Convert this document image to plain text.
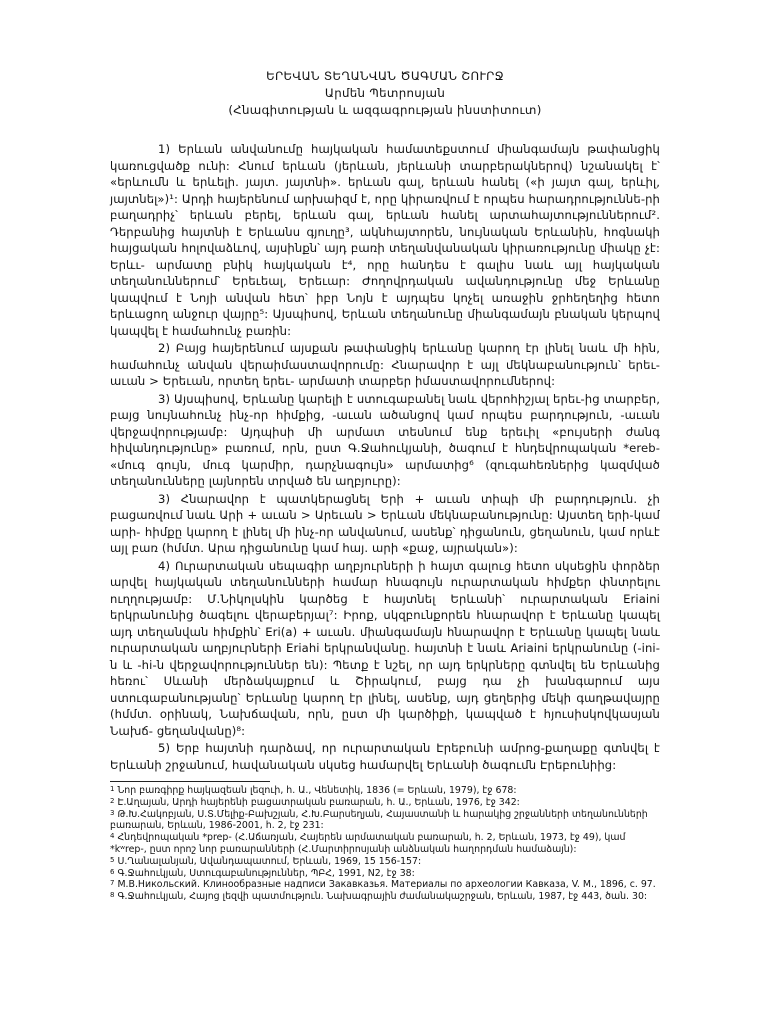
ԵՐԵՎԱՆ ՏԵՂԱՆՎԱՆ ԾԱԳՄԱՆ ՇՈՒՐՋ
Արմեն Պետրոսյան
(Հնագիտության և ազգագրության ինստիտուտ)

1) Երևան անվանումը հայկական համատեքստում միանգամայն թափանցիկ կառուցվածք ունի: Հնում երևան (յերևան, յերևանի տարբերակներով) նշանակել է՝ «երևումն և երևելի. յայտ. յայտնի». երևան գալ, երևան հանել («ի յայտ գալ, երևիլ, յայտնել»)¹: Արդի հայերենում արխաիզմ է, որը կիրառվում է որպես հարադրություննե-րի բաղադրիչ՝ երևան բերել, երևան գալ, երևան հանել արտահայտություններում². Դերբանից հայտնի է Երևանս գյուղը³, ակնհայտորեն, նույնական Երևանին, հոգնակի հայցական հոլովաձևով, այսինքն՝ այդ բառի տեղանվանական կիրառությունը միակը չէ: Երևւ- արմատը բնիկ հայկական է⁴, որը հանդես է գալիս նաև այլ հայկական տեղանուններում՝ Երեւեալ, Երեւար: Ժողովրդական ավանդությունը մեջ Երևանը կապվում է Նոյի անվան հետ՝ իբր Նոյն է այդպես կոչել առաջին ջրհեղեղից հետո երևացող անջուր վայրը⁵: Այսպիսով, Երևան տեղանունը միանգամայն բնական կերպով կապվել է համահունչ բառին:

2) Բայց հայերենում այսքան թափանցիկ երևանը կարող էր լինել նաև մի հին, համահունչ անվան վերաիմաստավորումը: Հնարավոր է այլ մեկնաբանություն՝ երեւ-աւան > Երեւան, որտեղ երեւ- արմատի տարբեր իմաստավորումներով:

3) Այսպիսով, Երևանը կարելի է ստուգաբանել նաև վերոհիշյալ երեւ-ից տարբեր, բայց նույնահունչ ինչ-որ հիմքից, -աւան ածանցով կամ որպես բարդություն, -աւան վերջավորությամբ: Այդպիսի մի արմատ տեսնում ենք երեւիլ «բույսերի ժանգ հիվանդությունը» բառում, որն, ըստ Գ.Ջահուկյանի, ծագում է հնդեվրոպական *ereb- «մուգ գույն, մուգ կարմիր, դարչնագույն» արմատից⁶ (զուգահեռներից կազմված տեղանունները լայնորեն տրված են աղբյուրը):

3) Հնարավոր է պատկերացնել Երի + աւան տիպի մի բարդություն. չի բացառվում նաև Արի + աւան > Արեւան > Երևան մեկնաբանությունը: Այստեղ երի-կամ արի- հիմքը կարող է լինել մի ինչ-որ անվանում, ասենք՝ դիցանուն, ցեղանուն, կամ որևէ այլ բառ (հմմտ. Արա դիցանունը կամ հայ. արի «քաջ, այրական»):

4) Ուրարտական սեպագիր աղբյուրների ի հայտ գալուց հետո սկսեցին փորձեր արվել հայկական տեղանունների համար հնագույն ուրարտական հիմքեր փնտրելու ուղղությամբ: Մ.Նիկոլսկին կարծեց է հայտնել Երևանի՝ ուրարտական Eriaini երկրանունից ծագելու վերաբերյալ⁷: Իրոք, սկզբունքորեն հնարավոր է Երևանը կապել այդ տեղանվան հիմքին՝ Eri(a) + աւան. միանգամայն հնարավոր է Երևանը կապել նաև ուրարտական աղբյուրների Eriahi երկրանվանը. հայտնի է նաև Ariaini երկրանունը (-ini-ն և -hi-ն վերջավորություններ են): Պետք է նշել, որ այդ երկրները գտնվել են Երևանից հեռու՝ Սևանի մերձակայքում և Շիրակում, բայց դա չի խանգարում այս ստուգաբանությանը՝ Երևանը կարող էր լինել, ասենք, այդ ցեղերից մեկի գաղթավայրը (հմմտ. օրինակ, Նախճավան, որն, ըստ մի կարծիքի, կապված է հյուսիսկովկասյան Նախճ- ցեղանվանը)⁸:

5) Երբ հայտնի դարձավ, որ ուրարտական Էրեբունի ամրոց-քաղաքը գտնվել է Երևանի շրջանում, հավանական սկսեց համարվել Երևանի ծագումն Էրեբունիից:

$^1$ Նոր բառգիրք հայկազեան լեզուի, հ. Ա., Վենետիկ, 1836 (= Երևան, 1979), էջ 678:

$^2$ Է.Աղայան, Արդի հայերենի բացատրական բառարան, հ. Ա., Երևան, 1976, էջ 342:

$^3$ Թ.Խ.Հակոբյան, Ս.Տ.Մելիք-Բախշյան, Հ.Խ.Բարսեղյան, Հայաստանի և հարակից շրջանների տեղանունների բառարան, Երևան, 1986-2001, հ. 2, էջ 231:

$^4$ Հնդեվրոպական *prep- (Հ.Աճառյան, Հայերեն արմատական բառարան, հ. 2, Երևան, 1973, էջ 49), կամ *kʷrep-, ըստ որոշ նոր բառարանների (Հ.Մարտիրոսյանի անձնական հաղորդման համաձայն):

$^5$ Ս.Ղանալանյան, Ավանդապատում, Երևան, 1969, 15 156-157:

$^6$ Գ.Ջահուկյան, Ստուգաբանություններ, ՊԲՀ, 1991, N2, էջ 38:

$^7$ М.В.Никольский. Клинообразные надписи Закавказья. Материалы по археологии Кавказа, V. M., 1896, с. 97.

$^8$ Գ.Ջահուկյան, Հայոց լեզվի պատմություն. Նախագրային ժամանակաշրջան, Երևան, 1987, էջ 443, ծան. 30:
